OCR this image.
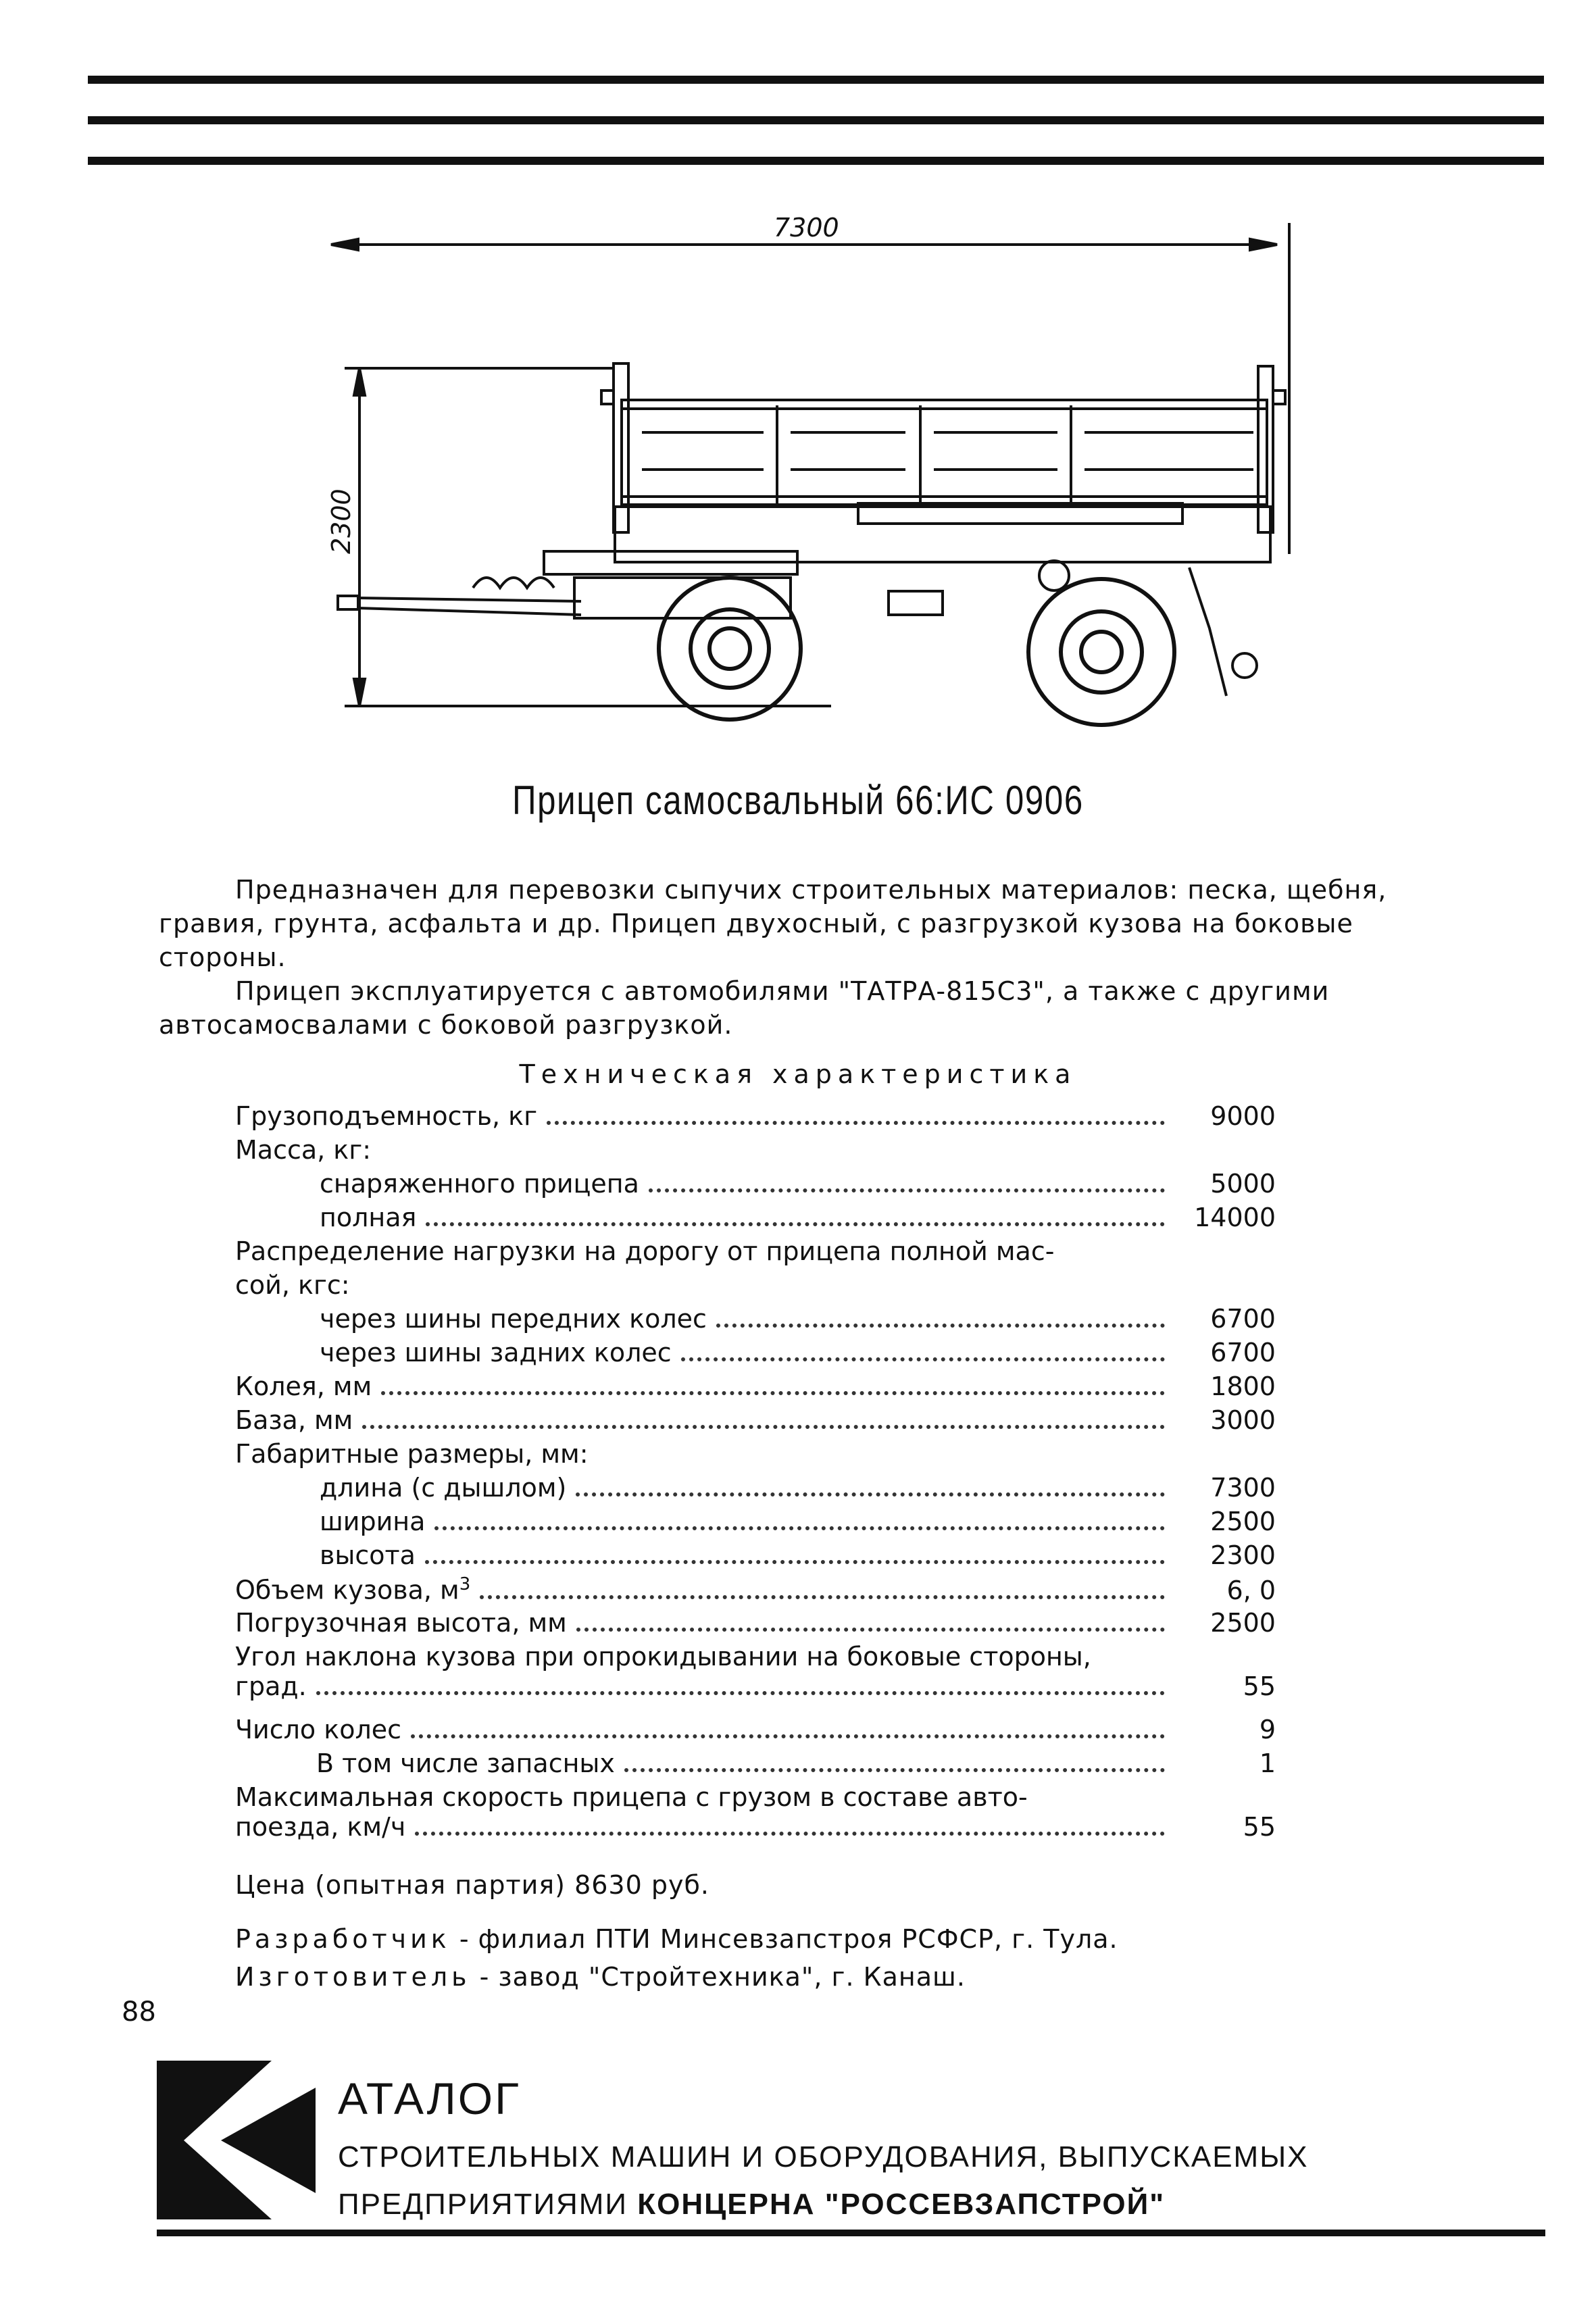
7300
2300
Прицеп самосвальный 66:ИС 0906
Предназначен для перевозки сыпучих строительных материалов: песка, щебня,
гравия, грунта, асфальта и др. Прицеп двухосный, с разгрузкой кузова на боковые
стороны.
Прицеп эксплуатируется с автомобилями "ТАТРА-815С3", а также с другими
автосамосвалами с боковой разгрузкой.
Техническая характеристика
Грузоподъемность, кг	9000
Масса, кг:
снаряженного прицепа	5000
полная	14000
Распределение нагрузки на дорогу от прицепа полной мас-
сой, кгс:
через шины передних колес	6700
через шины задних колес	6700
Колея, мм	1800
База, мм	3000
Габаритные размеры, мм:
длина (с дышлом)	7300
ширина	2500
высота	2300
Объем кузова, $м^3$	6, 0
Погрузочная высота, мм	2500
Угол наклона кузова при опрокидывании на боковые стороны,
град.	55
Число колес	9
В том числе запасных	1
Максимальная скорость прицепа с грузом в составе авто-
поезда, км/ч	55
Цена (опытная партия) 8630 руб.
Разработчик - филиал ПТИ Минсевзапстроя РСФСР, г. Тула.
Изготовитель - завод "Стройтехника", г. Канаш.
88
АТАЛОГ
СТРОИТЕЛЬНЫХ МАШИН И ОБОРУДОВАНИЯ, ВЫПУСКАЕМЫХ
ПРЕДПРИЯТИЯМИ КОНЦЕРНА "РОССЕВЗАПСТРОЙ"
